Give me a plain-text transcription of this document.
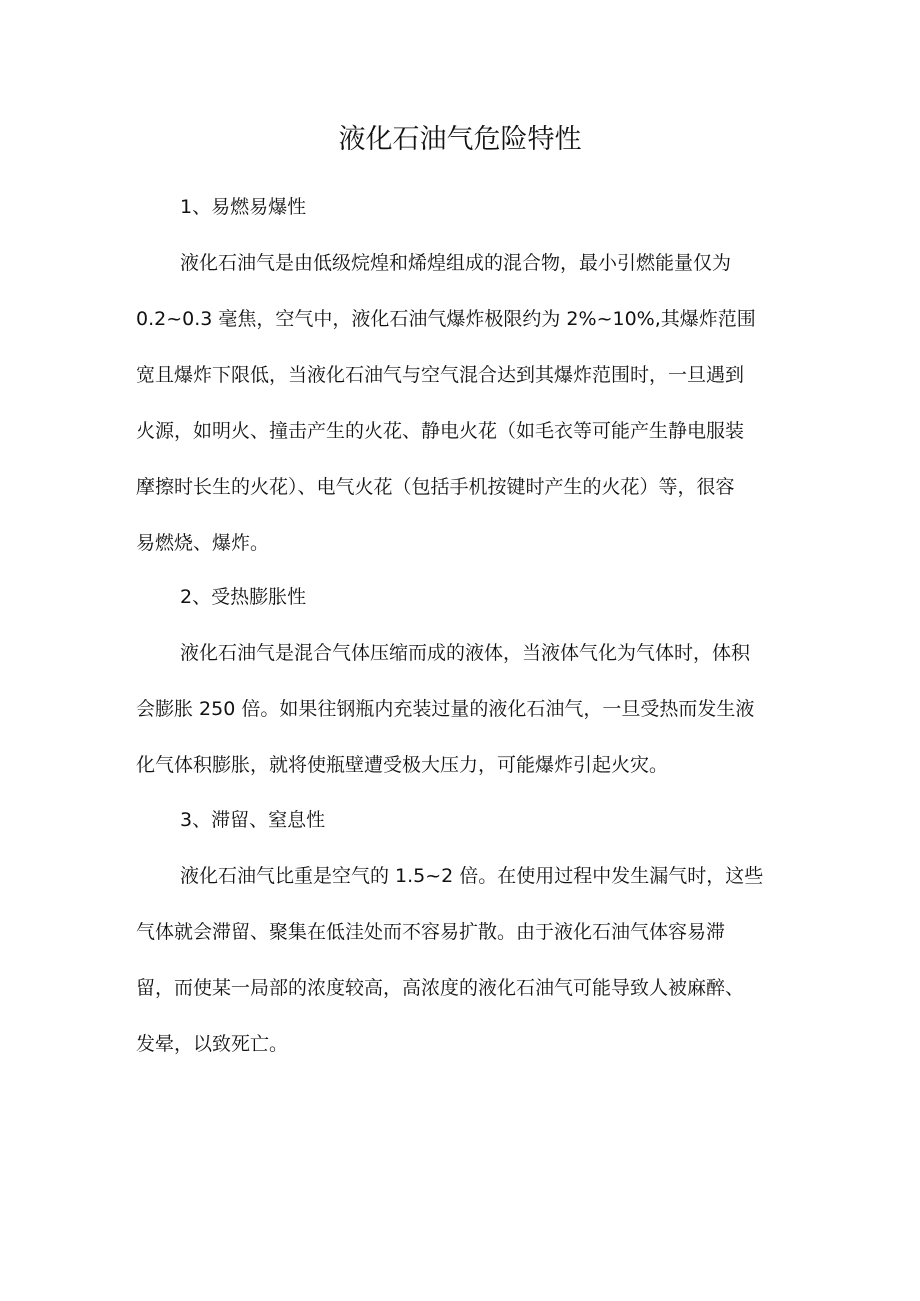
液化石油气危险特性

1、易燃易爆性

液化石油气是由低级烷煌和烯煌组成的混合物，最小引燃能量仅为

0.2~0.3 毫焦，空气中，液化石油气爆炸极限约为 2%~10%,其爆炸范围

宽且爆炸下限低，当液化石油气与空气混合达到其爆炸范围时，一旦遇到

火源，如明火、撞击产生的火花、静电火花（如毛衣等可能产生静电服装

摩擦时长生的火花）、电气火花（包括手机按键时产生的火花）等，很容

易燃烧、爆炸。

2、受热膨胀性

液化石油气是混合气体压缩而成的液体，当液体气化为气体时，体积

会膨胀 250 倍。如果往钢瓶内充装过量的液化石油气，一旦受热而发生液

化气体积膨胀，就将使瓶壁遭受极大压力，可能爆炸引起火灾。

3、滞留、窒息性

液化石油气比重是空气的 1.5~2 倍。在使用过程中发生漏气时，这些

气体就会滞留、聚集在低洼处而不容易扩散。由于液化石油气体容易滞

留，而使某一局部的浓度较高，高浓度的液化石油气可能导致人被麻醉、

发晕，以致死亡。
